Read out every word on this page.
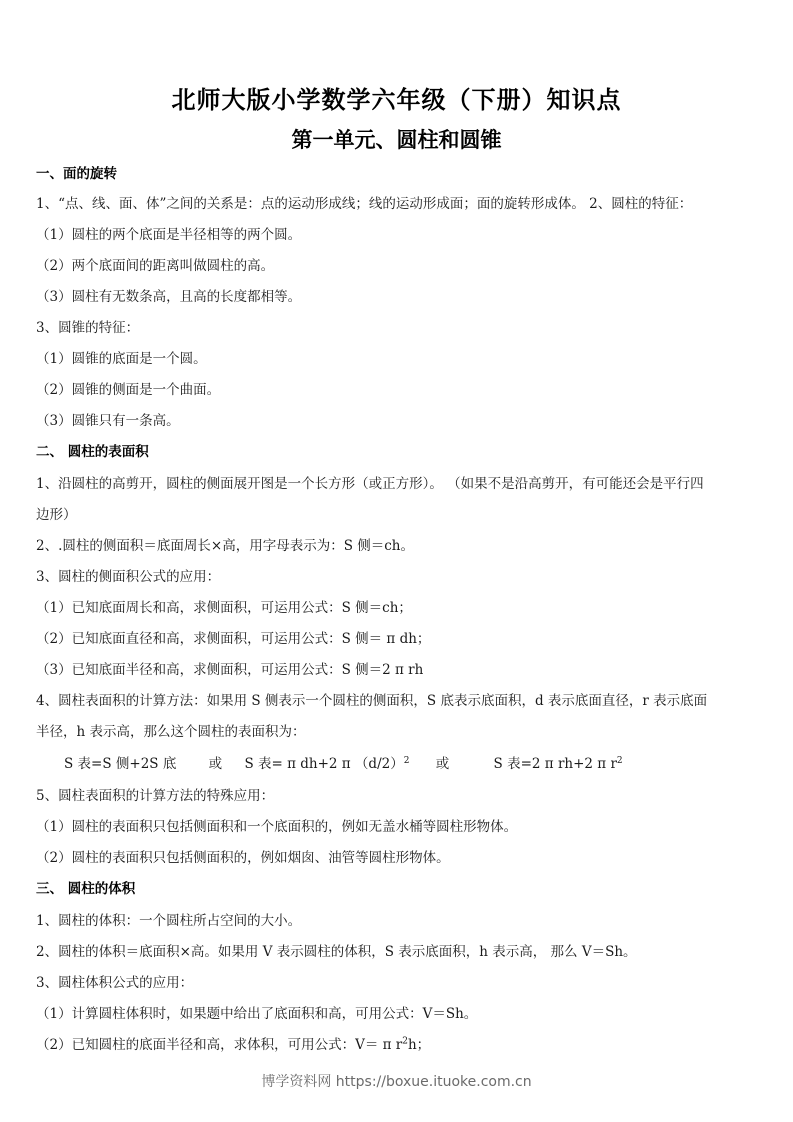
北师大版小学数学六年级（下册）知识点
第一单元、圆柱和圆锥
一、面的旋转
1、“点、线、面、体”之间的关系是：点的运动形成线；线的运动形成面；面的旋转形成体。 2、圆柱的特征：
（1）圆柱的两个底面是半径相等的两个圆。
（2）两个底面间的距离叫做圆柱的高。
（3）圆柱有无数条高，且高的长度都相等。
3、圆锥的特征：
（1）圆锥的底面是一个圆。
（2）圆锥的侧面是一个曲面。
（3）圆锥只有一条高。
二、 圆柱的表面积
1、沿圆柱的高剪开，圆柱的侧面展开图是一个长方形（或正方形）。 （如果不是沿高剪开，有可能还会是平行四
边形）
2、.圆柱的侧面积＝底面周长×高，用字母表示为：S 侧＝ch。
3、圆柱的侧面积公式的应用：
（1）已知底面周长和高，求侧面积，可运用公式：S 侧＝ch；
（2）已知底面直径和高，求侧面积，可运用公式：S 侧＝ π dh；
（3）已知底面半径和高，求侧面积，可运用公式：S 侧＝2 π rh
4、圆柱表面积的计算方法：如果用 S 侧表示一个圆柱的侧面积，S 底表示底面积，d 表示底面直径，r 表示底面
半径，h 表示高，那么这个圆柱的表面积为：
S 表=S 侧+2S 底 或 S 表= π dh+2 π （d/2）2 或	S 表=2 π rh+2 π r2
5、圆柱表面积的计算方法的特殊应用：
（1）圆柱的表面积只包括侧面积和一个底面积的，例如无盖水桶等圆柱形物体。
（2）圆柱的表面积只包括侧面积的，例如烟囱、油管等圆柱形物体。
三、 圆柱的体积
1、圆柱的体积：一个圆柱所占空间的大小。
2、圆柱的体积＝底面积×高。如果用 V 表示圆柱的体积，S 表示底面积，h 表示高， 那么 V＝Sh。
3、圆柱体积公式的应用：
（1）计算圆柱体积时，如果题中给出了底面积和高，可用公式：V＝Sh。
（2）已知圆柱的底面半径和高，求体积，可用公式：V＝ π $r^2h$；
博学资料网 https://boxue.ituoke.com.cn
